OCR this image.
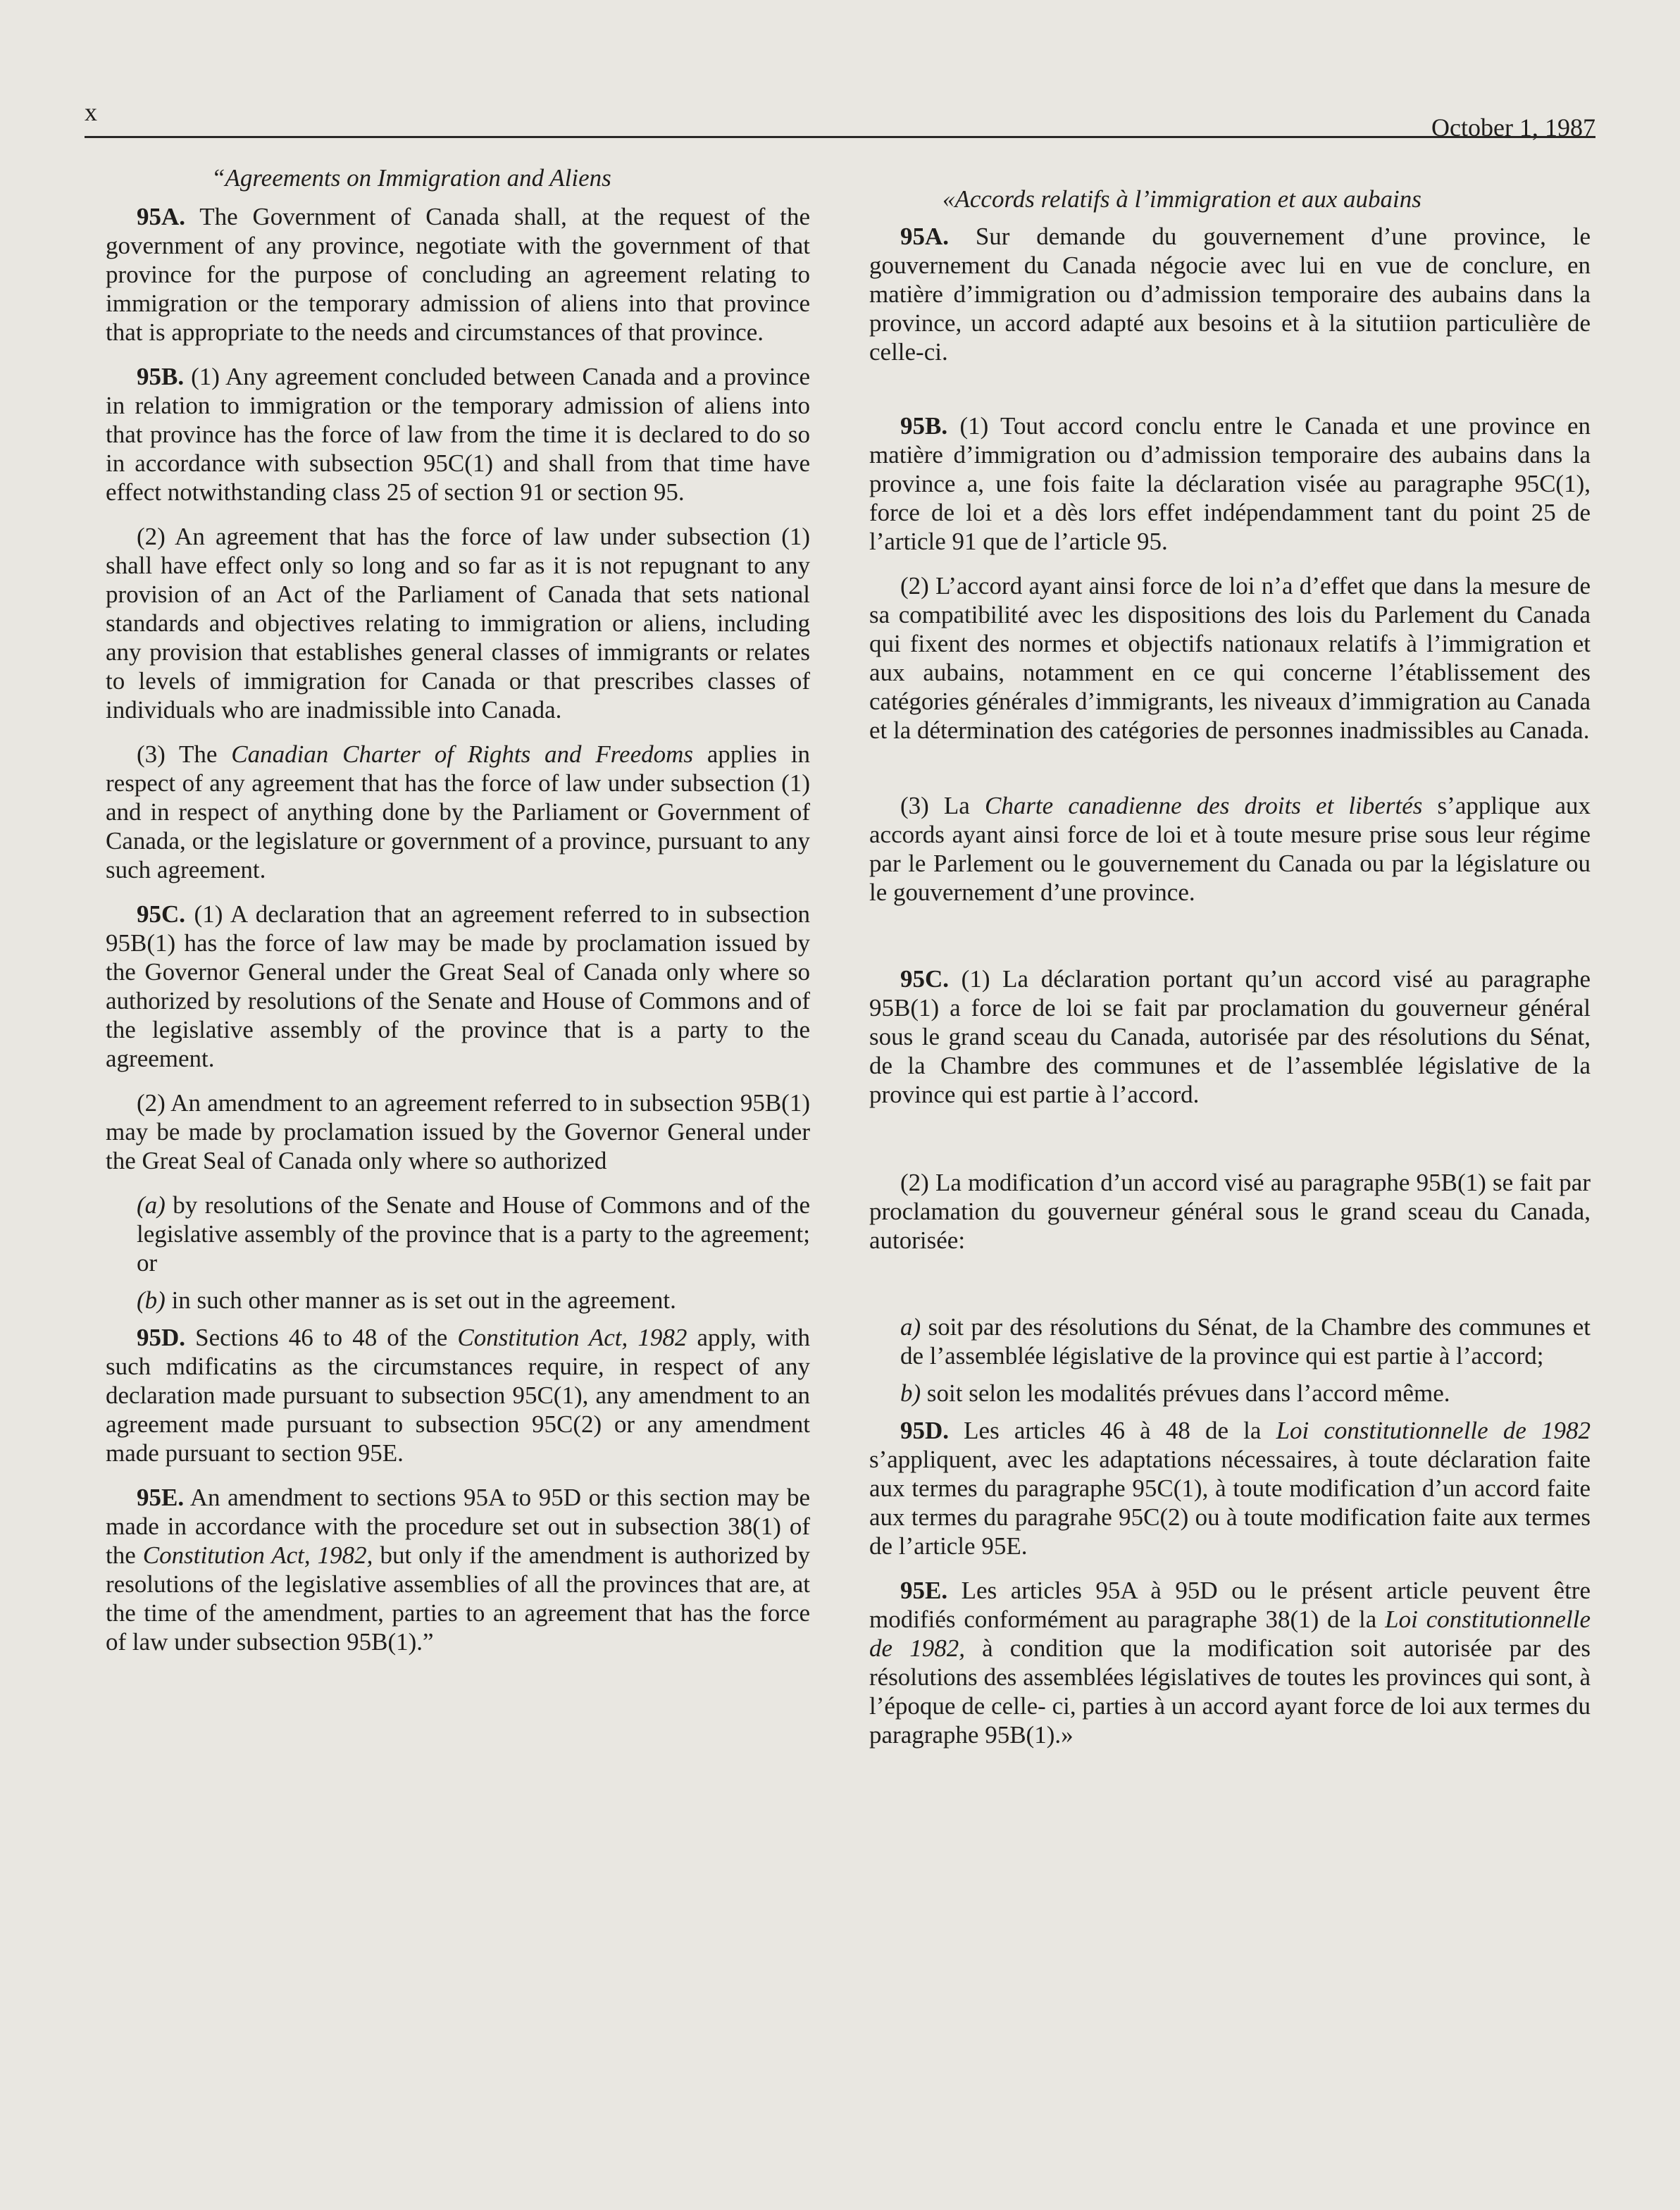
x
October 1, 1987
“Agreements on Immigration and Aliens

95A. The Government of Canada shall, at the request of the government of any province, negotiate with the government of that province for the purpose of concluding an agreement relating to immigration or the temporary admission of aliens into that province that is appropriate to the needs and circumstances of that province.

95B. (1) Any agreement concluded between Canada and a province in relation to immigration or the temporary admission of aliens into that province has the force of law from the time it is declared to do so in accordance with subsection 95C(1) and shall from that time have effect notwithstanding class 25 of section 91 or section 95.

(2) An agreement that has the force of law under subsection (1) shall have effect only so long and so far as it is not repugnant to any provision of an Act of the Parliament of Canada that sets national standards and objectives relating to immigration or aliens, including any provision that establishes general classes of immigrants or relates to levels of immigration for Canada or that prescribes classes of individuals who are inadmissible into Canada.

(3) The Canadian Charter of Rights and Freedoms applies in respect of any agreement that has the force of law under subsection (1) and in respect of anything done by the Parliament or Government of Canada, or the legislature or government of a province, pursuant to any such agreement.

95C. (1) A declaration that an agreement referred to in subsection 95B(1) has the force of law may be made by proclamation issued by the Governor General under the Great Seal of Canada only where so authorized by resolutions of the Senate and House of Commons and of the legislative assembly of the province that is a party to the agreement.

(2) An amendment to an agreement referred to in subsection 95B(1) may be made by proclamation issued by the Governor General under the Great Seal of Canada only where so authorized

(a) by resolutions of the Senate and House of Commons and of the legislative assembly of the province that is a party to the agreement; or

(b) in such other manner as is set out in the agreement.

95D. Sections 46 to 48 of the Constitution Act, 1982 apply, with such mdificatins as the circumstances require, in respect of any declaration made pursuant to subsection 95C(1), any amendment to an agreement made pursuant to subsection 95C(2) or any amendment made pursuant to section 95E.

95E. An amendment to sections 95A to 95D or this section may be made in accordance with the procedure set out in subsection 38(1) of the Constitution Act, 1982, but only if the amendment is authorized by resolutions of the legislative assemblies of all the provinces that are, at the time of the amendment, parties to an agreement that has the force of law under subsection 95B(1).”

«Accords relatifs à l’immigration et aux aubains

95A. Sur demande du gouvernement d’une province, le gouvernement du Canada négocie avec lui en vue de conclure, en matière d’immigration ou d’admission temporaire des aubains dans la province, un accord adapté aux besoins et à la situtiion particulière de celle-ci.

95B. (1) Tout accord conclu entre le Canada et une province en matière d’immigration ou d’admission temporaire des aubains dans la province a, une fois faite la déclaration visée au paragraphe 95C(1), force de loi et a dès lors effet indépendamment tant du point 25 de l’article 91 que de l’article 95.

(2) L’accord ayant ainsi force de loi n’a d’effet que dans la mesure de sa compatibilité avec les dispositions des lois du Parlement du Canada qui fixent des normes et objectifs nationaux relatifs à l’immigration et aux aubains, notamment en ce qui concerne l’établissement des catégories générales d’immigrants, les niveaux d’immigration au Canada et la détermination des catégories de personnes inadmissibles au Canada.

(3) La Charte canadienne des droits et libertés s’applique aux accords ayant ainsi force de loi et à toute mesure prise sous leur régime par le Parlement ou le gouvernement du Canada ou par la législature ou le gouvernement d’une province.

95C. (1) La déclaration portant qu’un accord visé au paragraphe 95B(1) a force de loi se fait par proclamation du gouverneur général sous le grand sceau du Canada, autorisée par des résolutions du Sénat, de la Chambre des communes et de l’assemblée législative de la province qui est partie à l’accord.

(2) La modification d’un accord visé au paragraphe 95B(1) se fait par proclamation du gouverneur général sous le grand sceau du Canada, autorisée:

a) soit par des résolutions du Sénat, de la Chambre des communes et de l’assemblée législative de la province qui est partie à l’accord;

b) soit selon les modalités prévues dans l’accord même.

95D. Les articles 46 à 48 de la Loi constitutionnelle de 1982 s’appliquent, avec les adaptations nécessaires, à toute déclaration faite aux termes du paragraphe 95C(1), à toute modification d’un accord faite aux termes du paragrahe 95C(2) ou à toute modification faite aux termes de l’article 95E.

95E. Les articles 95A à 95D ou le présent article peuvent être modifiés conformément au paragraphe 38(1) de la Loi constitutionnelle de 1982, à condition que la modification soit autorisée par des résolutions des assemblées législatives de toutes les provinces qui sont, à l’époque de celle- ci, parties à un accord ayant force de loi aux termes du paragraphe 95B(1).»
